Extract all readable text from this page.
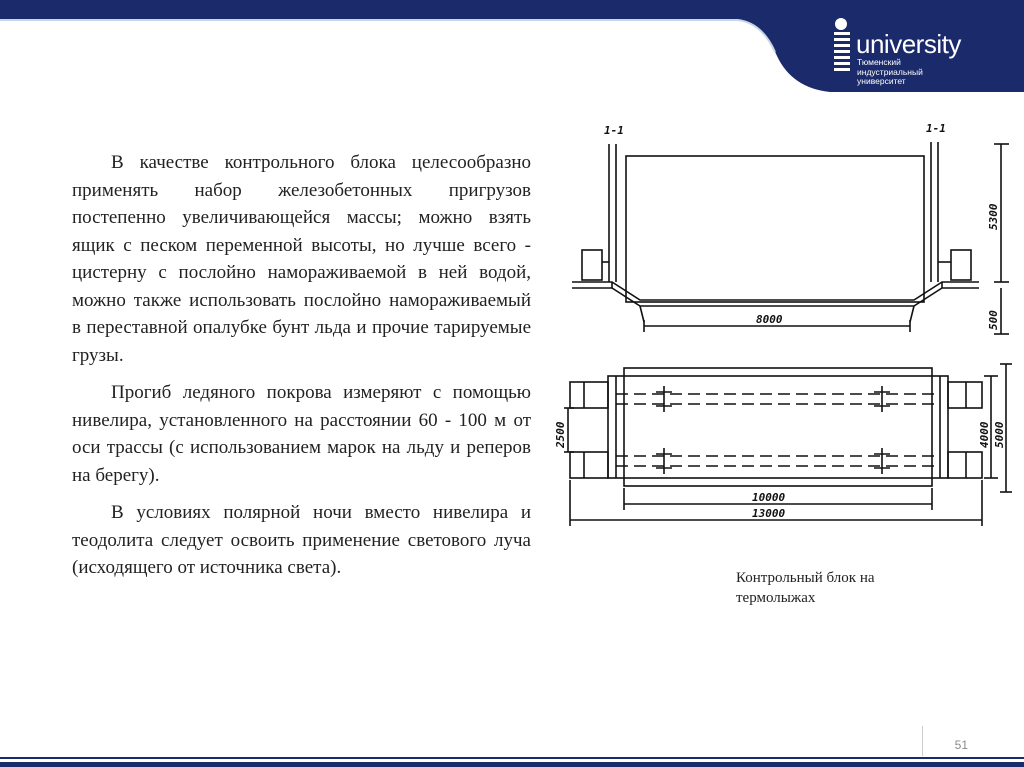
university
Тюменский индустриальный университет

В качестве контрольного блока целесообразно применять набор железобетонных пригрузов постепенно увеличивающейся массы; можно взять ящик с песком переменной высоты, но лучше всего - цистерну с послойно намораживаемой в ней водой, можно также использовать послойно намораживаемый в переставной опалубке бунт льда и прочие тарируемые грузы.

Прогиб ледяного покрова измеряют с помощью нивелира, установленного на расстоянии 60 - 100 м от оси трассы (с использованием марок на льду и реперов на берегу).

В условиях полярной ночи вместо нивелира и теодолита следует освоить применение светового луча (исходящего от источника света).

1-1	1-1
8000
10000
13000
5300
500
2500	4000 5000
Контрольный блок на термолыжах
51
